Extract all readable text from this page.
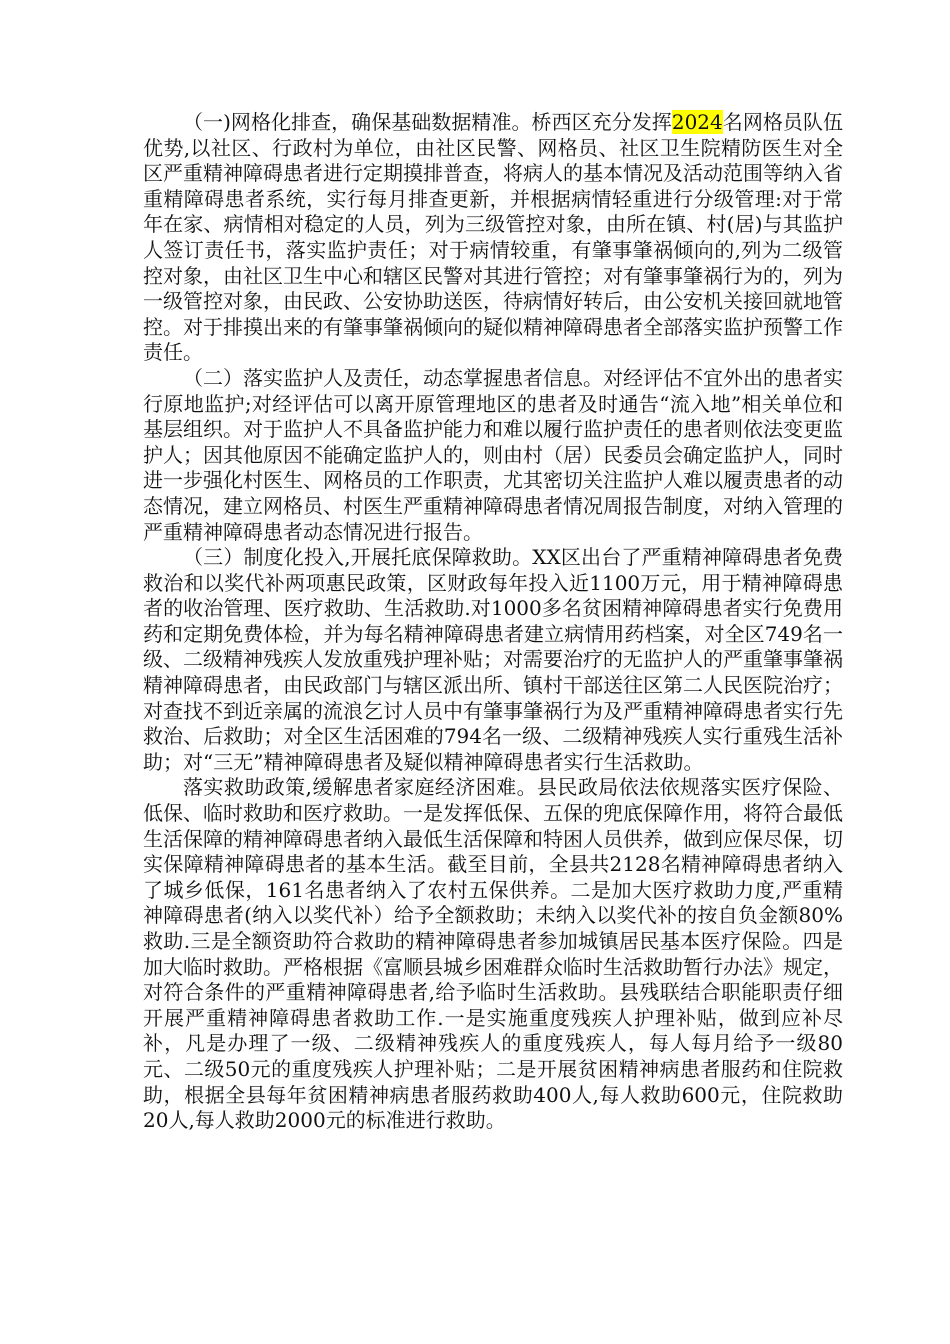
（一)网格化排查，确保基础数据精准。桥西区充分发挥2024名网格员队伍优势,以社区、行政村为单位，由社区民警、网格员、社区卫生院精防医生对全区严重精神障碍患者进行定期摸排普查，将病人的基本情况及活动范围等纳入省重精障碍患者系统，实行每月排查更新，并根据病情轻重进行分级管理:对于常年在家、病情相对稳定的人员，列为三级管控对象，由所在镇、村(居)与其监护人签订责任书，落实监护责任；对于病情较重，有肇事肇祸倾向的,列为二级管控对象，由社区卫生中心和辖区民警对其进行管控；对有肇事肇祸行为的，列为一级管控对象，由民政、公安协助送医，待病情好转后，由公安机关接回就地管控。对于排摸出来的有肇事肇祸倾向的疑似精神障碍患者全部落实监护预警工作责任。

（二）落实监护人及责任，动态掌握患者信息。对经评估不宜外出的患者实行原地监护;对经评估可以离开原管理地区的患者及时通告“流入地”相关单位和基层组织。对于监护人不具备监护能力和难以履行监护责任的患者则依法变更监护人；因其他原因不能确定监护人的，则由村（居）民委员会确定监护人，同时进一步强化村医生、网格员的工作职责，尤其密切关注监护人难以履责患者的动态情况，建立网格员、村医生严重精神障碍患者情况周报告制度，对纳入管理的严重精神障碍患者动态情况进行报告。

（三）制度化投入,开展托底保障救助。XX区出台了严重精神障碍患者免费救治和以奖代补两项惠民政策，区财政每年投入近1100万元，用于精神障碍患者的收治管理、医疗救助、生活救助.对1000多名贫困精神障碍患者实行免费用药和定期免费体检，并为每名精神障碍患者建立病情用药档案，对全区749名一级、二级精神残疾人发放重残护理补贴；对需要治疗的无监护人的严重肇事肇祸精神障碍患者，由民政部门与辖区派出所、镇村干部送往区第二人民医院治疗；对查找不到近亲属的流浪乞讨人员中有肇事肇祸行为及严重精神障碍患者实行先救治、后救助；对全区生活困难的794名一级、二级精神残疾人实行重残生活补助；对“三无”精神障碍患者及疑似精神障碍患者实行生活救助。

落实救助政策,缓解患者家庭经济困难。县民政局依法依规落实医疗保险、低保、临时救助和医疗救助。一是发挥低保、五保的兜底保障作用，将符合最低生活保障的精神障碍患者纳入最低生活保障和特困人员供养，做到应保尽保，切实保障精神障碍患者的基本生活。截至目前，全县共2128名精神障碍患者纳入了城乡低保，161名患者纳入了农村五保供养。二是加大医疗救助力度,严重精神障碍患者(纳入以奖代补）给予全额救助；未纳入以奖代补的按自负金额80%救助.三是全额资助符合救助的精神障碍患者参加城镇居民基本医疗保险。四是加大临时救助。严格根据《富顺县城乡困难群众临时生活救助暂行办法》规定，对符合条件的严重精神障碍患者,给予临时生活救助。县残联结合职能职责仔细开展严重精神障碍患者救助工作.一是实施重度残疾人护理补贴，做到应补尽补，凡是办理了一级、二级精神残疾人的重度残疾人，每人每月给予一级80元、二级50元的重度残疾人护理补贴；二是开展贫困精神病患者服药和住院救助，根据全县每年贫困精神病患者服药救助400人,每人救助600元，住院救助20人,每人救助2000元的标准进行救助。
